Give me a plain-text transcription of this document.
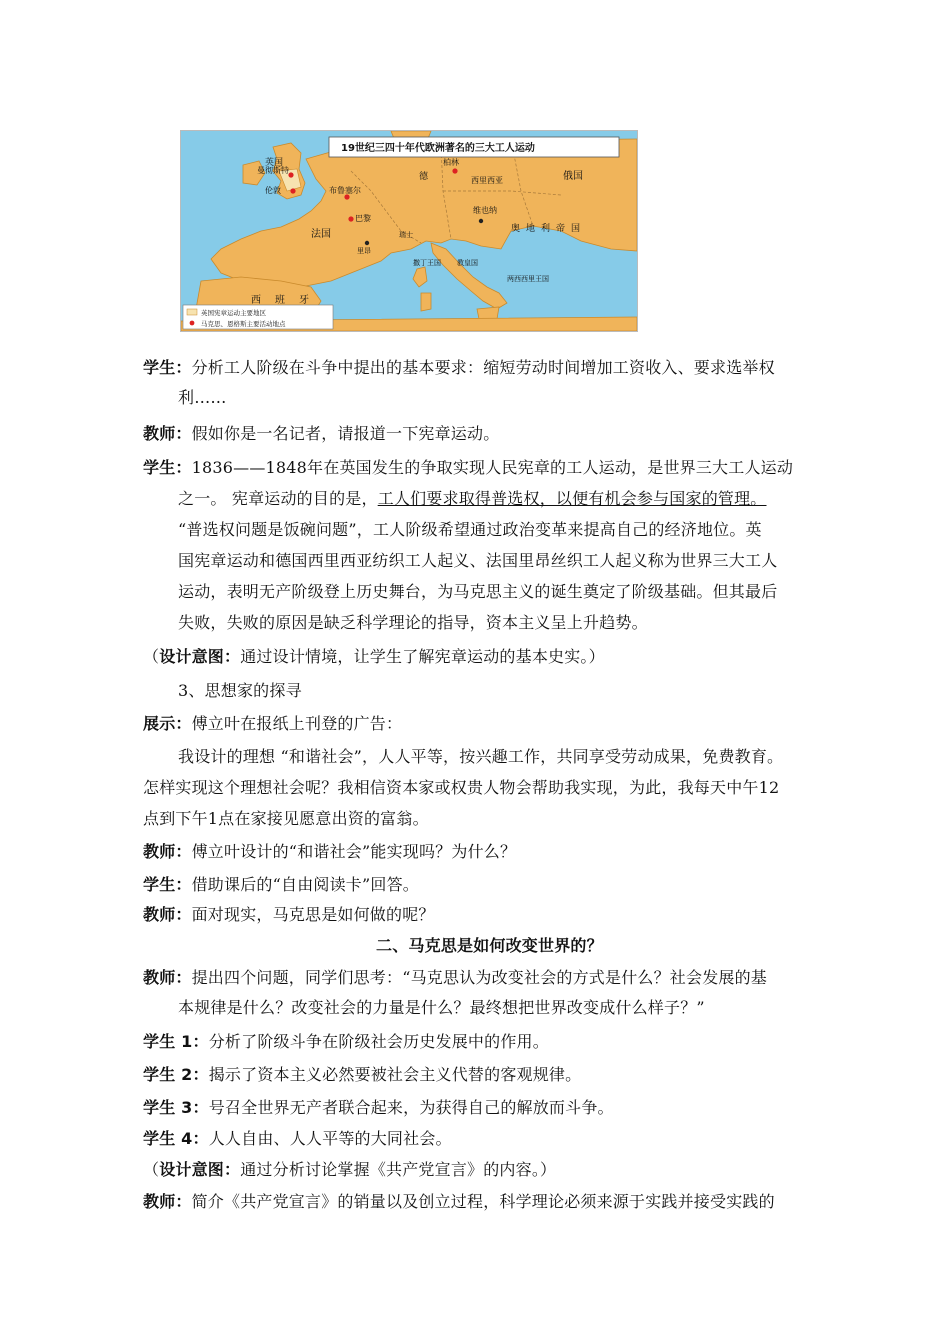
19世纪三四十年代欧洲著名的三大工人运动
英国
曼彻斯特
伦敦	布鲁塞尔
巴黎
法国
里昂
西班牙
柏林
德	西里西亚	俄国
维也纳
奥地利帝国
瑞士
撒丁王国 教皇国
两西西里王国
英国宪章运动主要地区
马克思、恩格斯主要活动地点
学生：分析工人阶级在斗争中提出的基本要求：缩短劳动时间增加工资收入、要求选举权
利……
教师：假如你是一名记者，请报道一下宪章运动。
学生：1836——1848年在英国发生的争取实现人民宪章的工人运动，是世界三大工人运动
之一。 宪章运动的目的是，工人们要求取得普选权，以便有机会参与国家的管理。
“普选权问题是饭碗问题”，工人阶级希望通过政治变革来提高自己的经济地位。英
国宪章运动和德国西里西亚纺织工人起义、法国里昂丝织工人起义称为世界三大工人
运动，表明无产阶级登上历史舞台，为马克思主义的诞生奠定了阶级基础。但其最后
失败，失败的原因是缺乏科学理论的指导，资本主义呈上升趋势。
（设计意图：通过设计情境，让学生了解宪章运动的基本史实。）
3、思想家的探寻
展示：傅立叶在报纸上刊登的广告：
我设计的理想 “和谐社会”，人人平等，按兴趣工作，共同享受劳动成果，免费教育。
怎样实现这个理想社会呢？我相信资本家或权贵人物会帮助我实现，为此，我每天中午12
点到下午1点在家接见愿意出资的富翁。
教师：傅立叶设计的“和谐社会”能实现吗？为什么？
学生：借助课后的“自由阅读卡”回答。
教师：面对现实，马克思是如何做的呢？
二、马克思是如何改变世界的？
教师：提出四个问题，同学们思考：“马克思认为改变社会的方式是什么？社会发展的基
本规律是什么？改变社会的力量是什么？最终想把世界改变成什么样子？”
学生 1：分析了阶级斗争在阶级社会历史发展中的作用。
学生 2：揭示了资本主义必然要被社会主义代替的客观规律。
学生 3：号召全世界无产者联合起来，为获得自己的解放而斗争。
学生 4：人人自由、人人平等的大同社会。
（设计意图：通过分析讨论掌握《共产党宣言》的内容。）
教师：简介《共产党宣言》的销量以及创立过程，科学理论必须来源于实践并接受实践的
